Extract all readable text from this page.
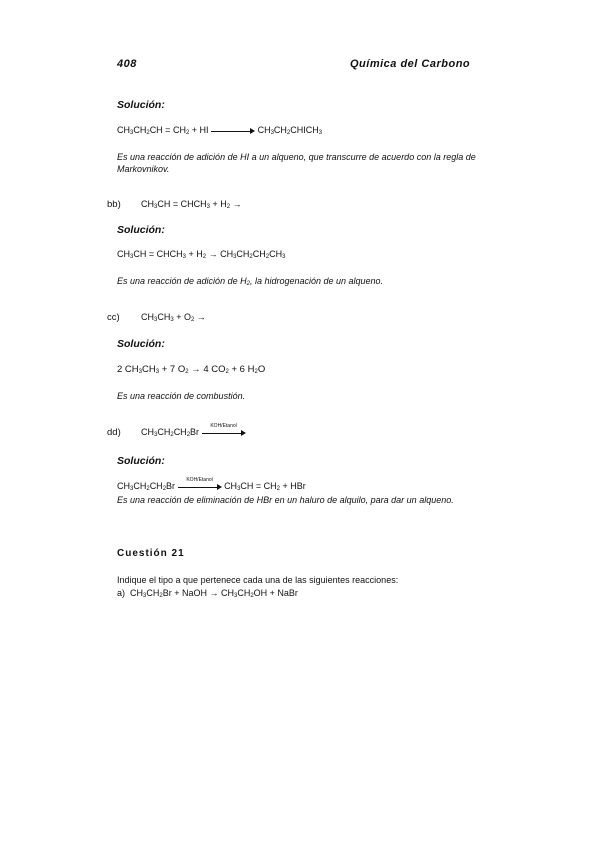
408	Química del Carbono
Solución:
$CH_3CH_2CH = CH_2$ + HI	$CH_3CH_2CHICH_3$
Es una reacción de adición de HI a un alqueno, que transcurre de acuerdo con la regla de Markovnikov.
bb) $CH_3CH$ = $CHCH_3 + H_2$ →
Solución:
$CH_3CH$ = $CHCH_3 + H_2 \to CH_3CH_2CH_2CH_3$
Es una reacción de adición de $H_2$, la hidrogenación de un alqueno.
cc) $CH_3CH_3 + O_2$ →
Solución:
2 $CH_3CH_3 + 7$ $O_2 \to 4$ $CO_2 + 6$ $H_2O$
Es una reacción de combustión.
dd) $CH_3CH_2CH_2Br$
KOH/Etanol
Solución:
$CH_3CH_2CH_2Br$
KOH/Etanol
$CH_3CH = CH_2$ + HBr
Es una reacción de eliminación de HBr en un haluro de alquilo, para dar un alqueno.
Cuestión 21
Indique el tipo a que pertenece cada una de las siguientes reacciones:
a) $CH_3CH_2Br$ + NaOH → $CH_3CH_2OH$ + NaBr
